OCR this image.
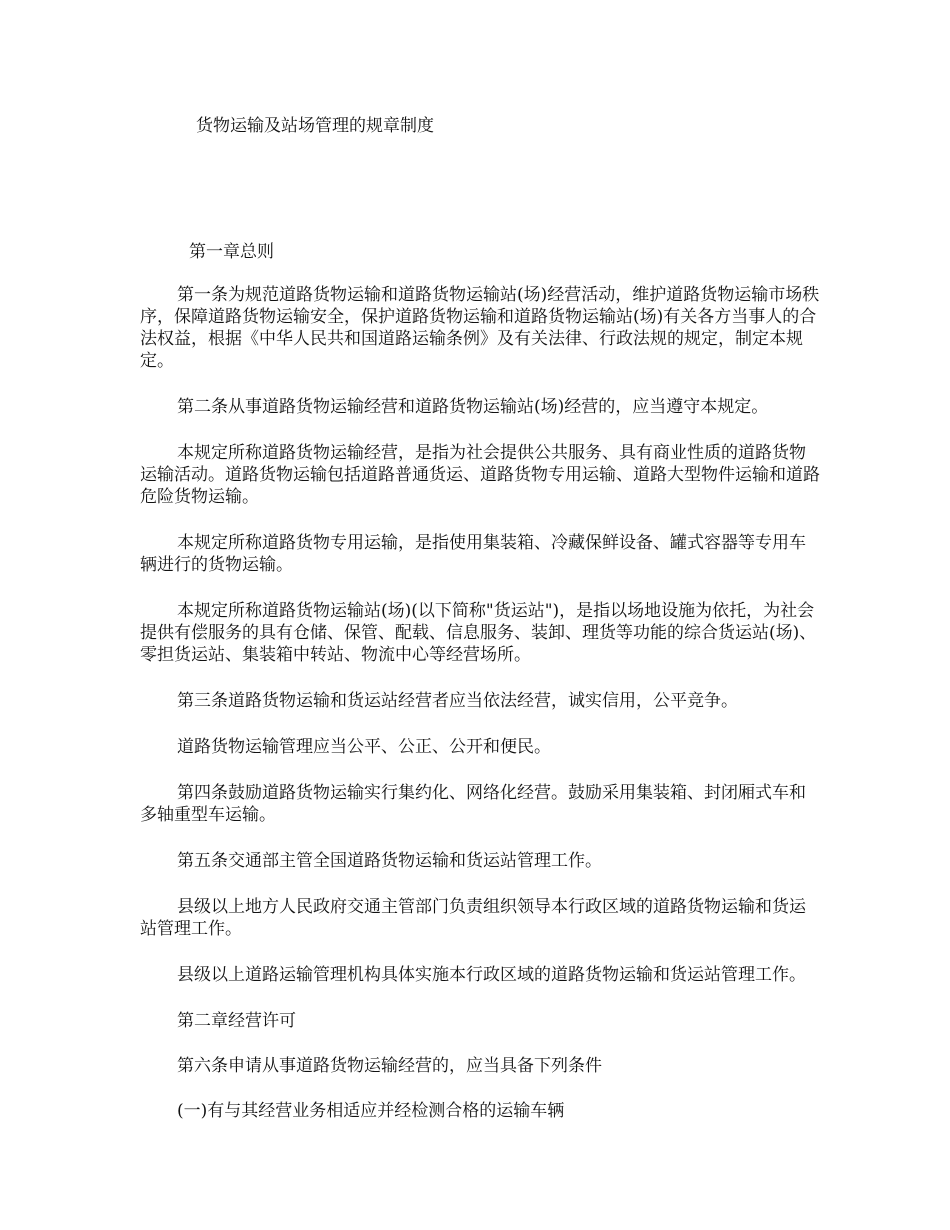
货物运输及站场管理的规章制度
第一章总则

第一条为规范道路货物运输和道路货物运输站(场)经营活动，维护道路货物运输市场秩序，保障道路货物运输安全，保护道路货物运输和道路货物运输站(场)有关各方当事人的合法权益，根据《中华人民共和国道路运输条例》及有关法律、行政法规的规定，制定本规定。

第二条从事道路货物运输经营和道路货物运输站(场)经营的，应当遵守本规定。

本规定所称道路货物运输经营，是指为社会提供公共服务、具有商业性质的道路货物运输活动。道路货物运输包括道路普通货运、道路货物专用运输、道路大型物件运输和道路危险货物运输。

本规定所称道路货物专用运输，是指使用集装箱、冷藏保鲜设备、罐式容器等专用车辆进行的货物运输。

本规定所称道路货物运输站(场)(以下简称"货运站")，是指以场地设施为依托，为社会提供有偿服务的具有仓储、保管、配载、信息服务、装卸、理货等功能的综合货运站(场)、零担货运站、集装箱中转站、物流中心等经营场所。

第三条道路货物运输和货运站经营者应当依法经营，诚实信用，公平竞争。

道路货物运输管理应当公平、公正、公开和便民。

第四条鼓励道路货物运输实行集约化、网络化经营。鼓励采用集装箱、封闭厢式车和多轴重型车运输。

第五条交通部主管全国道路货物运输和货运站管理工作。

县级以上地方人民政府交通主管部门负责组织领导本行政区域的道路货物运输和货运站管理工作。

县级以上道路运输管理机构具体实施本行政区域的道路货物运输和货运站管理工作。

第二章经营许可

第六条申请从事道路货物运输经营的，应当具备下列条件

(一)有与其经营业务相适应并经检测合格的运输车辆
